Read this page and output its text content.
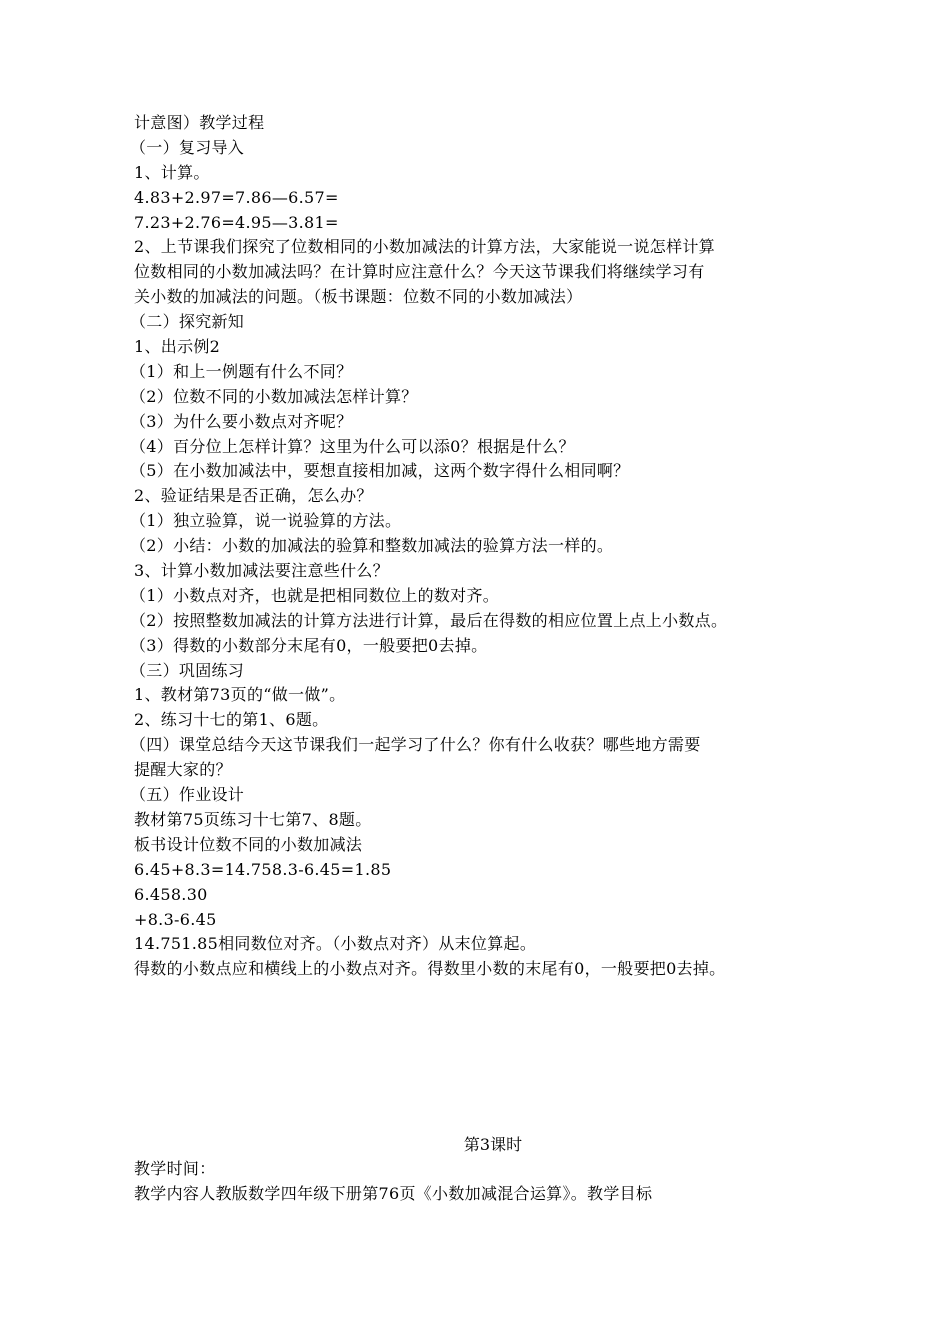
计意图）教学过程
（一）复习导入
1、计算。
4.83+2.97=7.86—6.57=
7.23+2.76=4.95—3.81=
2、上节课我们探究了位数相同的小数加减法的计算方法，大家能说一说怎样计算
位数相同的小数加减法吗？在计算时应注意什么？今天这节课我们将继续学习有
关小数的加减法的问题。（板书课题：位数不同的小数加减法）
（二）探究新知
1、出示例2
（1）和上一例题有什么不同？
（2）位数不同的小数加减法怎样计算？
（3）为什么要小数点对齐呢？
（4）百分位上怎样计算？这里为什么可以添0？根据是什么？
（5）在小数加减法中，要想直接相加减，这两个数字得什么相同啊？
2、验证结果是否正确，怎么办？
（1）独立验算，说一说验算的方法。
（2）小结：小数的加减法的验算和整数加减法的验算方法一样的。
3、计算小数加减法要注意些什么？
（1）小数点对齐，也就是把相同数位上的数对齐。
（2）按照整数加减法的计算方法进行计算，最后在得数的相应位置上点上小数点。
（3）得数的小数部分末尾有0，一般要把0去掉。
（三）巩固练习
1、教材第73页的“做一做”。
2、练习十七的第1、6题。
（四）课堂总结今天这节课我们一起学习了什么？你有什么收获？哪些地方需要
提醒大家的？
（五）作业设计
教材第75页练习十七第7、8题。
板书设计位数不同的小数加减法
6.45+8.3=14.758.3-6.45=1.85
6.458.30
+8.3-6.45
14.751.85相同数位对齐。（小数点对齐）从末位算起。
得数的小数点应和横线上的小数点对齐。得数里小数的末尾有0，一般要把0去掉。
第3课时
教学时间：
教学内容人教版数学四年级下册第76页《小数加减混合运算》。教学目标
